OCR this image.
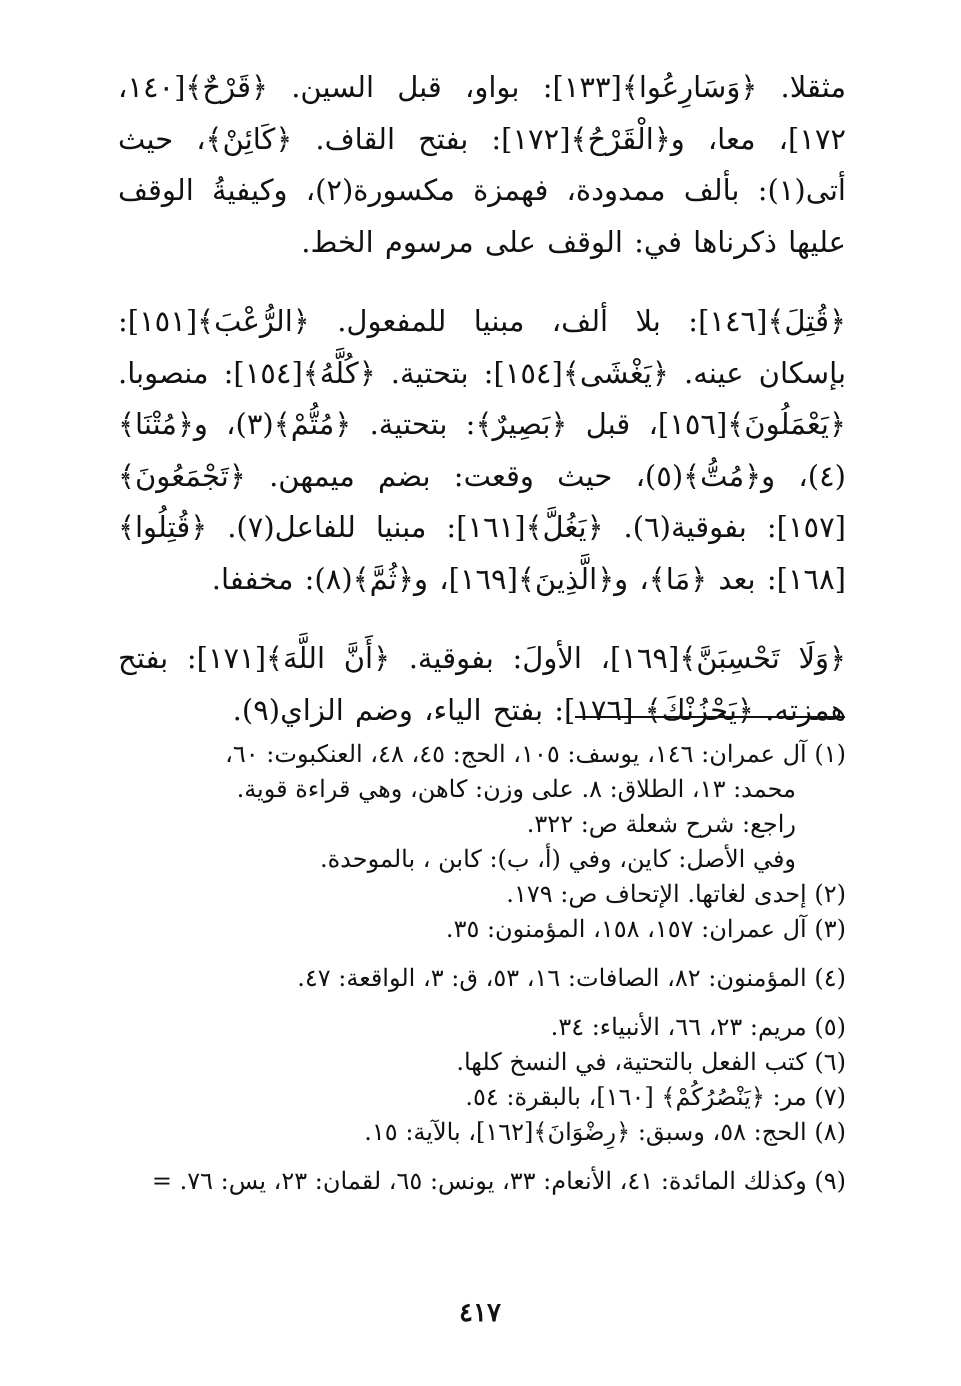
مثقلا. ﴿وَسَارِعُوا﴾[١٣٣]: بواو، قبل السين. ﴿قَرْحٌ﴾[١٤٠، ١٧٢]، معا، و﴿الْقَرْحُ﴾[١٧٢]: بفتح القاف. ﴿كَائِنْ﴾، حيث أتى(١): بألف ممدودة، فهمزة مكسورة(٢)، وكيفيةُ الوقف عليها ذكرناها في: الوقف على مرسوم الخط.

﴿قُتِلَ﴾[١٤٦]: بلا ألف، مبنيا للمفعول. ﴿الرُّعْبَ﴾[١٥١]: بإسكان عينه. ﴿يَغْشَى﴾[١٥٤]: بتحتية. ﴿كُلَّهُ﴾[١٥٤]: منصوبا. ﴿يَعْمَلُونَ﴾[١٥٦]، قبل ﴿بَصِيرٌ﴾: بتحتية. ﴿مُتُّمْ﴾(٣)، و﴿مُتْنَا﴾(٤)، و﴿مُتُّ﴾(٥)، حيث وقعت: بضم ميمهن. ﴿تَجْمَعُونَ﴾[١٥٧]: بفوقية(٦). ﴿يَغُلَّ﴾[١٦١]: مبنيا للفاعل(٧). ﴿قُتِلُوا﴾[١٦٨]: بعد ﴿مَا﴾، و﴿الَّذِينَ﴾[١٦٩]، و﴿ثُمَّ﴾(٨): مخففا.

﴿وَلَا تَحْسِبَنَّ﴾[١٦٩]، الأولَ: بفوقية. ﴿أَنَّ اللَّهَ﴾[١٧١]: بفتح همزته. ﴿يَحْزُنْكَ﴾ [١٧٦]: بفتح الياء، وضم الزاي(٩).

(١) آل عمران: ١٤٦، يوسف: ١٠٥، الحج: ٤٥، ٤٨، العنكبوت: ٦٠،
محمد: ١٣، الطلاق: ٨. على وزن: كاهن، وهي قراءة قوية.
راجع: شرح شعلة ص: ٣٢٢.
وفي الأصل: كاين، وفي (أ، ب): كابن ، بالموحدة.
(٢) إحدى لغاتها. الإتحاف ص: ١٧٩.
(٣) آل عمران: ١٥٧، ١٥٨، المؤمنون: ٣٥.
(٤) المؤمنون: ٨٢، الصافات: ١٦، ٥٣، ق: ٣، الواقعة: ٤٧.
(٥) مريم: ٢٣، ٦٦، الأنبياء: ٣٤.
(٦) كتب الفعل بالتحتية، في النسخ كلها.
(٧) مر: ﴿يَنْصُرُكُمْ﴾ [١٦٠]، بالبقرة: ٥٤.
(٨) الحج: ٥٨، وسبق: ﴿رِضْوَانَ﴾[١٦٢]، بالآية: ١٥.
(٩) وكذلك المائدة: ٤١، الأنعام: ٣٣، يونس: ٦٥، لقمان: ٢٣، يس: ٧٦. =
٤١٧
